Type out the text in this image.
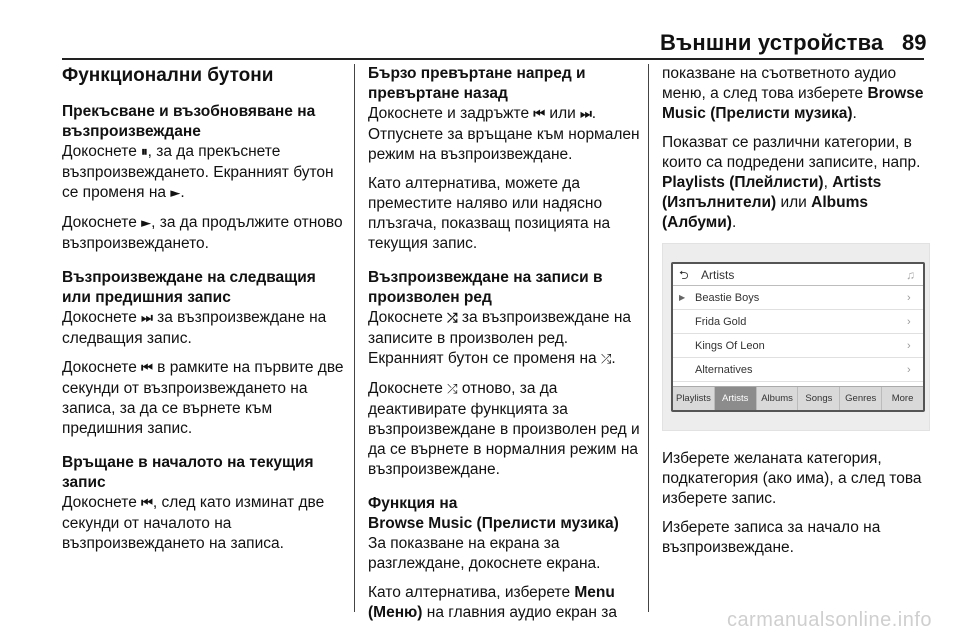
Външни устройства 89
Функционални бутони
Прекъсване и възобновяване на възпроизвеждане

Докоснете ⏸, за да прекъснете възпроизвеждането. Екранният бутон се променя на ►.

Докоснете ►, за да продължите отново възпроизвеждането.

Възпроизвеждане на следващия или предишния запис

Докоснете ⏭ за възпроизвеждане на следващия запис.

Докоснете ⏮ в рамките на първите две секунди от възпроизвеждането на записа, за да се върнете към предишния запис.

Връщане в началото на текущия запис

Докоснете ⏮, след като изминат две секунди от началото на възпроизвеждането на записа.

Бързо превъртане напред и превъртане назад

Докоснете и задръжте ⏮ или ⏭. Отпуснете за връщане към нормален режим на възпроизвеждане.

Като алтернатива, можете да преместите наляво или надясно плъзгача, показващ позицията на текущия запис.

Възпроизвеждане на записи в произволен ред

Докоснете ⤮ за възпроизвеждане на записите в произволен ред. Екранният бутон се променя на ⤮.

Докоснете ⤮ отново, за да деактивирате функцията за възпроизвеждане в произволен ред и да се върнете в нормалния режим на възпроизвеждане.

Функция на
Browse Music (Прелисти музика)

За показване на екрана за разглеждане, докоснете екрана.

Като алтернатива, изберете Menu (Меню) на главния аудио екран за

показване на съответното аудио меню, а след това изберете Browse Music (Прелисти музика).

Показват се различни категории, в които са подредени записите, напр. Playlists (Плейлисти), Artists (Изпълнители) или Albums (Албуми).

⮌	Artists	♫
▶ Beastie Boys	›
Frida Gold	›
Kings Of Leon	›
Alternatives	›
Playlists	Artists	Albums	Songs	Genres	More

Изберете желаната категория, подкатегория (ако има), а след това изберете запис.

Изберете записа за начало на възпроизвеждане.

carmanualsonline.info
